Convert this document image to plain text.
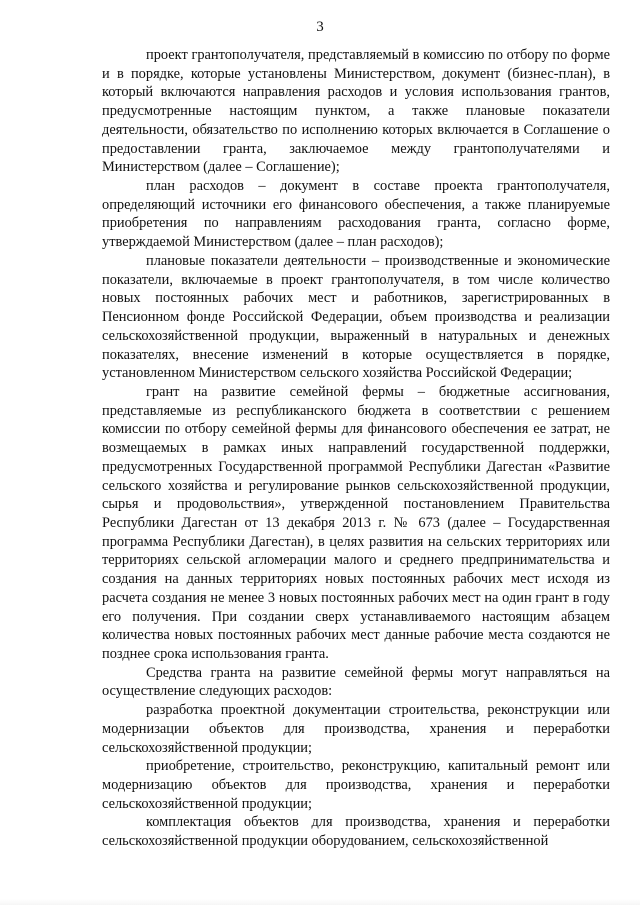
3

проект грантополучателя, представляемый в комиссию по отбору по форме и в порядке, которые установлены Министерством, документ (бизнес-план), в который включаются направления расходов и условия использования грантов, предусмотренные настоящим пунктом, а также плановые показатели деятельности, обязательство по исполнению которых включается в Соглашение о предоставлении гранта, заключаемое между грантополучателями и Министерством (далее – Соглашение);

план расходов – документ в составе проекта грантополучателя, определяющий источники его финансового обеспечения, а также планируемые приобретения по направлениям расходования гранта, согласно форме, утверждаемой Министерством (далее – план расходов);

плановые показатели деятельности – производственные и экономические показатели, включаемые в проект грантополучателя, в том числе количество новых постоянных рабочих мест и работников, зарегистрированных в Пенсионном фонде Российской Федерации, объем производства и реализации сельскохозяйственной продукции, выраженный в натуральных и денежных показателях, внесение изменений в которые осуществляется в порядке, установленном Министерством сельского хозяйства Российской Федерации;

грант на развитие семейной фермы – бюджетные ассигнования, представляемые из республиканского бюджета в соответствии с решением комиссии по отбору семейной фермы для финансового обеспечения ее затрат, не возмещаемых в рамках иных направлений государственной поддержки, предусмотренных Государственной программой Республики Дагестан «Развитие сельского хозяйства и регулирование рынков сельскохозяйственной продукции, сырья и продовольствия», утвержденной постановлением Правительства Республики Дагестан от 13 декабря 2013 г. № 673 (далее – Государственная программа Республики Дагестан), в целях развития на сельских территориях или территориях сельской агломерации малого и среднего предпринимательства и создания на данных территориях новых постоянных рабочих мест исходя из расчета создания не менее 3 новых постоянных рабочих мест на один грант в году его получения. При создании сверх устанавливаемого настоящим абзацем количества новых постоянных рабочих мест данные рабочие места создаются не позднее срока использования гранта.

Средства гранта на развитие семейной фермы могут направляться на осуществление следующих расходов:

разработка проектной документации строительства, реконструкции или модернизации объектов для производства, хранения и переработки сельскохозяйственной продукции;

приобретение, строительство, реконструкцию, капитальный ремонт или модернизацию объектов для производства, хранения и переработки сельскохозяйственной продукции;

комплектация объектов для производства, хранения и переработки сельскохозяйственной продукции оборудованием, сельскохозяйственной
